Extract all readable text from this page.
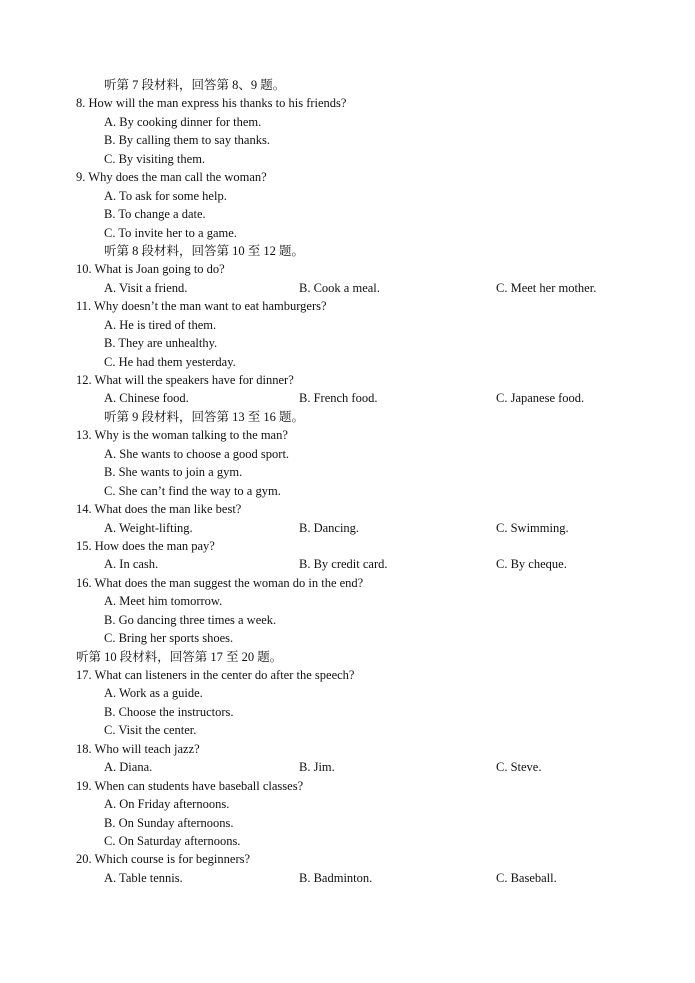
听第 7 段材料，回答第 8、9 题。
8. How will the man express his thanks to his friends?
A. By cooking dinner for them.
B. By calling them to say thanks.
C. By visiting them.
9. Why does the man call the woman?
A. To ask for some help.
B. To change a date.
C. To invite her to a game.
听第 8 段材料，回答第 10 至 12 题。
10. What is Joan going to do?
A. Visit a friend.	B. Cook a meal.	C. Meet her mother.
11. Why doesn’t the man want to eat hamburgers?
A. He is tired of them.
B. They are unhealthy.
C. He had them yesterday.
12. What will the speakers have for dinner?
A. Chinese food.	B. French food.	C. Japanese food.
听第 9 段材料，回答第 13 至 16 题。
13. Why is the woman talking to the man?
A. She wants to choose a good sport.
B. She wants to join a gym.
C. She can’t find the way to a gym.
14. What does the man like best?
A. Weight-lifting.	B. Dancing.	C. Swimming.
15. How does the man pay?
A. In cash.	B. By credit card.	C. By cheque.
16. What does the man suggest the woman do in the end?
A. Meet him tomorrow.
B. Go dancing three times a week.
C. Bring her sports shoes.
听第 10 段材料，回答第 17 至 20 题。
17. What can listeners in the center do after the speech?
A. Work as a guide.
B. Choose the instructors.
C. Visit the center.
18. Who will teach jazz?
A. Diana.	B. Jim.	C. Steve.
19. When can students have baseball classes?
A. On Friday afternoons.
B. On Sunday afternoons.
C. On Saturday afternoons.
20. Which course is for beginners?
A. Table tennis.	B. Badminton.	C. Baseball.
